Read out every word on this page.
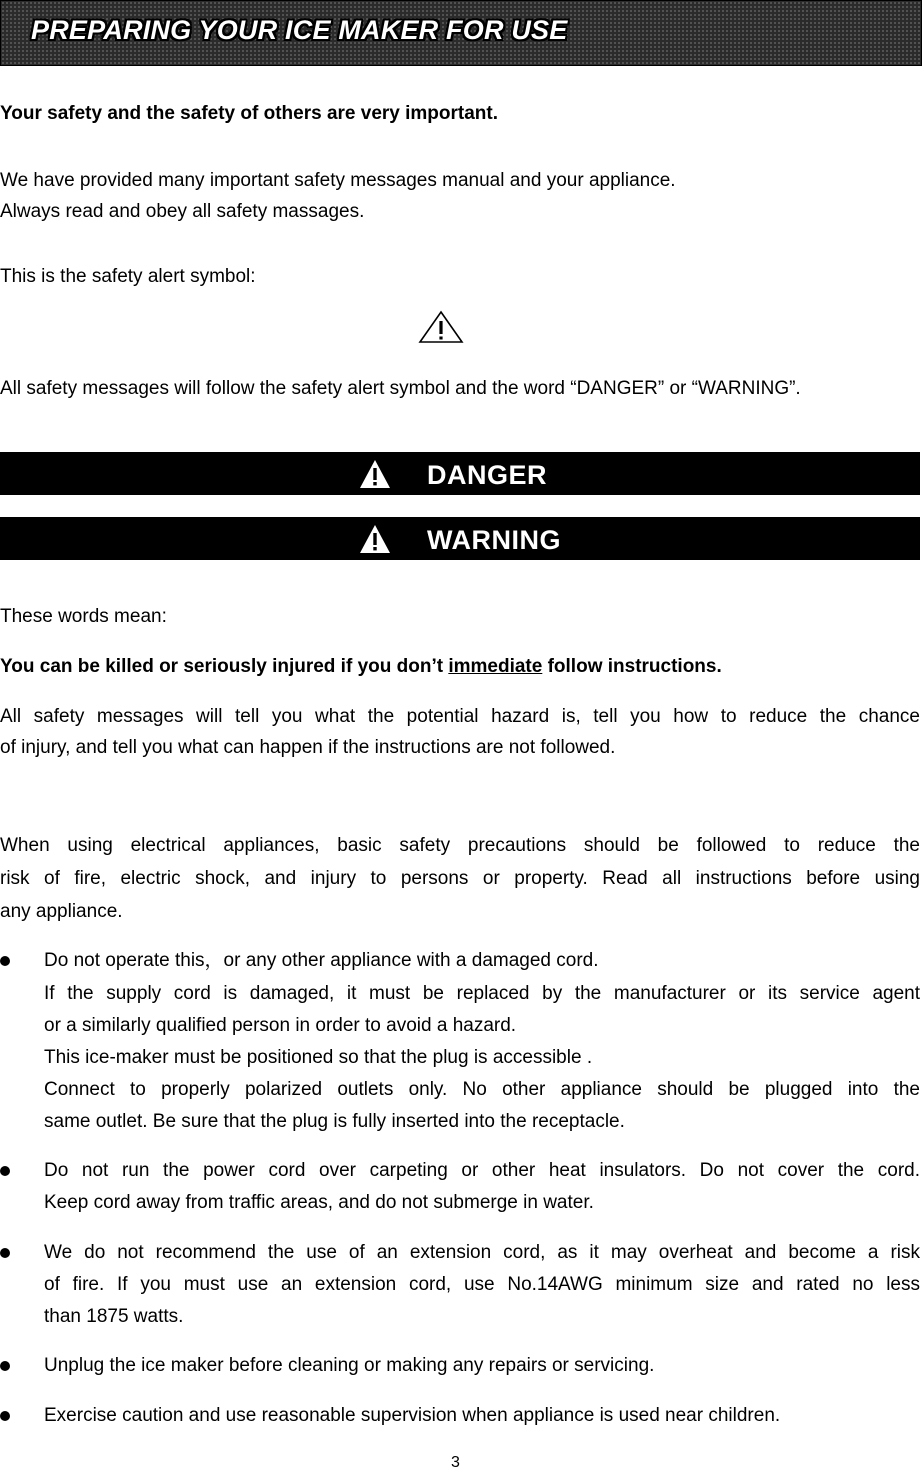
PREPARING YOUR ICE MAKER FOR USE
Your safety and the safety of others are very important.
We have provided many important safety messages manual and your appliance.
Always read and obey all safety massages.
This is the safety alert symbol:
All safety messages will follow the safety alert symbol and the word “DANGER” or “WARNING”.
DANGER
WARNING
These words mean:
You can be killed or seriously injured if you don’t immediate follow instructions.
All safety messages will tell you what the potential hazard is, tell you how to reduce the chance
of injury, and tell you what can happen if the instructions are not followed.
When using electrical appliances, basic safety precautions should be followed to reduce the
risk of fire, electric shock, and injury to persons or property. Read all instructions before using
any appliance.
Do not operate this，or any other appliance with a damaged cord.
If the supply cord is damaged, it must be replaced by the manufacturer or its service agent
or a similarly qualified person in order to avoid a hazard.
This ice-maker must be positioned so that the plug is accessible .
Connect to properly polarized outlets only. No other appliance should be plugged into the
same outlet. Be sure that the plug is fully inserted into the receptacle.
Do not run the power cord over carpeting or other heat insulators. Do not cover the cord.
Keep cord away from traffic areas, and do not submerge in water.
We do not recommend the use of an extension cord, as it may overheat and become a risk
of fire. If you must use an extension cord, use No.14AWG minimum size and rated no less
than 1875 watts.
Unplug the ice maker before cleaning or making any repairs or servicing.
Exercise caution and use reasonable supervision when appliance is used near children.
3
